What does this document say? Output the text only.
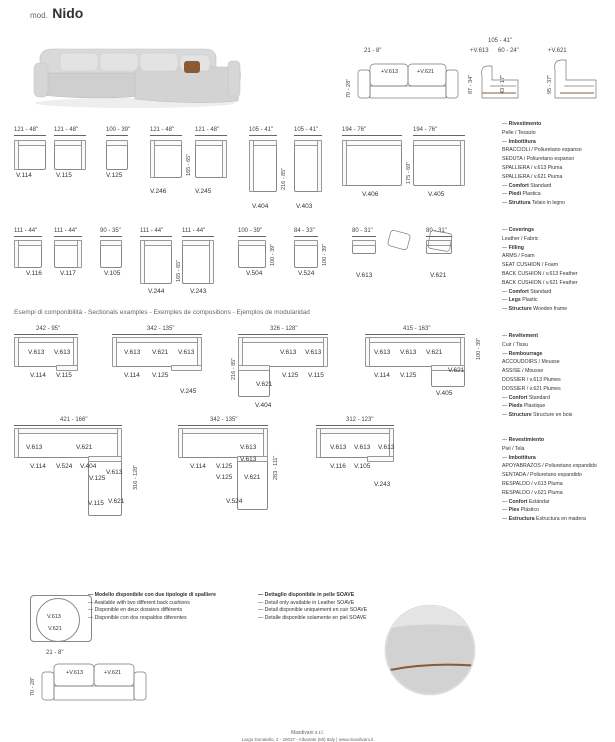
mod. Nido
105 - 41"
21 - 8"	+V.613 60 - 24"	+V.621
+V.613	+V.621
70 - 28"	87 - 34"	43 - 17"	95 - 37"
121 - 48"
V.114
121 - 48"
V.115
100 - 39"
V.125
121 - 48"
165 - 65"
V.246
121 - 48"
V.245
105 - 41"
216 - 85"
V.404
105 - 41"
V.403
194 - 76"
175 - 69"
V.406
194 - 76"
V.405
111 - 44"
V.116
111 - 44"
V.117
90 - 35"
V.105
111 - 44"
165 - 65"
V.244
111 - 44"
V.243
100 - 39"
100 - 39"
V.504
84 - 33"
100 - 39"
V.524
80 - 31"
V.613
80 - 31"
V.621
Esempi di componibilità - Sectionals examples - Exemples de compositions - Ejemplos de modularidad
242 - 95"
V.613 V.613
V.114 V.115
342 - 135"
V.613 V.621 V.613
V.114 V.125
V.245
326 - 128"
216 - 85"
V.613 V.613
V.621
V.125 V.115
V.404
415 - 163"
100 - 39"
V.613 V.613 V.621
V.621
V.114 V.125
V.405
421 - 166"
316 - 128"
V.613	V.621
V.613
V.114 V.524 V.404
V.125
V.621
V.115
342 - 135"
283 - 111"
V.613
V.613
V.114 V.125
V.125 V.621
V.524
312 - 123"
V.613 V.613 V.613
V.116 V.105
V.243
— Rivestimento
Pelle / Tessuto
— Imbottitura
BRACCIOLI / Poliuretano espanso
SEDUTA / Poliuretano espanso
SPALLIERA / v.613 Piuma
SPALLIERA / v.621 Piuma
— Comfort Standard
— Piedi Plastica
— Struttura Telaio in legno
— Coverings
Leather / Fabric
— Filling
ARMS / Foam
SEAT CUSHION / Foam
BACK CUSHION / v.613 Feather
BACK CUSHION / v.621 Feather
— Comfort Standard
— Legs Plastic
— Structure Wooden frame
— Revêtement
Cuir / Tissu
— Rembourrage
ACCOUDOIRS / Mousse
ASSISE / Mousse
DOSSIER / v.613 Plumes
DOSSIER / v.621 Plumes
— Confort Standard
— Pieds Plastique
— Structure Structure en bois
— Revestimiento
Piel / Tela
— Imbottitura
APOYABRAZOS / Poliuretano expandido
SENTADA / Poliuretano expandido
RESPALDO / v.613 Pluma
RESPALDO / v.621 Pluma
— Confort Estándar
— Pies Plástico
— Estructura Estructura en madera
V.613
V.621
21 - 8"
+V.613	+V.621
70 - 28"
— Modello disponibile con due tipologie di spalliere
— Available with two different back cushions
— Disponible en deux dossiers différents
— Disponible con dos respaldos diferentes
— Dettaglio disponibile in pelle SOAVE
— Detail only available in Leather SOAVE
— Detail disponible uniquement en cuir SOAVE
— Detalle disponible solamente en piel SOAVE
Maxdivani s.r.l.
Largo Donatello, 2 - 20037 - Albairate (Mi) Italy | www.maxdivani.it
